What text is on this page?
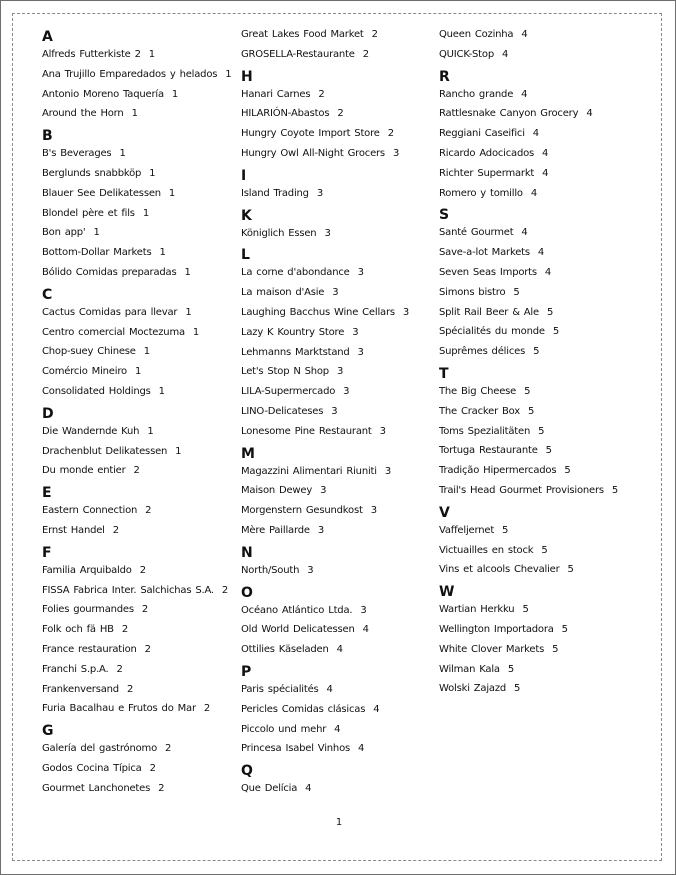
A
Alfreds Futterkiste 2 1
Ana Trujillo Emparedados y helados 1
Antonio Moreno Taquería 1
Around the Horn 1
B
B's Beverages 1
Berglunds snabbköp 1
Blauer See Delikatessen 1
Blondel père et fils 1
Bon app' 1
Bottom-Dollar Markets 1
Bólido Comidas preparadas 1
C
Cactus Comidas para llevar 1
Centro comercial Moctezuma 1
Chop-suey Chinese 1
Comércio Mineiro 1
Consolidated Holdings 1
D
Die Wandernde Kuh 1
Drachenblut Delikatessen 1
Du monde entier 2
E
Eastern Connection 2
Ernst Handel 2
F
Familia Arquibaldo 2
FISSA Fabrica Inter. Salchichas S.A. 2
Folies gourmandes 2
Folk och fä HB 2
France restauration 2
Franchi S.p.A. 2
Frankenversand 2
Furia Bacalhau e Frutos do Mar 2
G
Galería del gastrónomo 2
Godos Cocina Típica 2
Gourmet Lanchonetes 2
Great Lakes Food Market 2
GROSELLA-Restaurante 2
H
Hanari Carnes 2
HILARIÓN-Abastos 2
Hungry Coyote Import Store 2
Hungry Owl All-Night Grocers 3
I
Island Trading 3
K
Königlich Essen 3
L
La corne d'abondance 3
La maison d'Asie 3
Laughing Bacchus Wine Cellars 3
Lazy K Kountry Store 3
Lehmanns Marktstand 3
Let's Stop N Shop 3
LILA-Supermercado 3
LINO-Delicateses 3
Lonesome Pine Restaurant 3
M
Magazzini Alimentari Riuniti 3
Maison Dewey 3
Morgenstern Gesundkost 3
Mère Paillarde 3
N
North/South 3
O
Océano Atlántico Ltda. 3
Old World Delicatessen 4
Ottilies Käseladen 4
P
Paris spécialités 4
Pericles Comidas clásicas 4
Piccolo und mehr 4
Princesa Isabel Vinhos 4
Q
Que Delícia 4
Queen Cozinha 4
QUICK-Stop 4
R
Rancho grande 4
Rattlesnake Canyon Grocery 4
Reggiani Caseifici 4
Ricardo Adocicados 4
Richter Supermarkt 4
Romero y tomillo 4
S
Santé Gourmet 4
Save-a-lot Markets 4
Seven Seas Imports 4
Simons bistro 5
Split Rail Beer & Ale 5
Spécialités du monde 5
Suprêmes délices 5
T
The Big Cheese 5
The Cracker Box 5
Toms Spezialitäten 5
Tortuga Restaurante 5
Tradição Hipermercados 5
Trail's Head Gourmet Provisioners 5
V
Vaffeljernet 5
Victuailles en stock 5
Vins et alcools Chevalier 5
W
Wartian Herkku 5
Wellington Importadora 5
White Clover Markets 5
Wilman Kala 5
Wolski Zajazd 5
1
